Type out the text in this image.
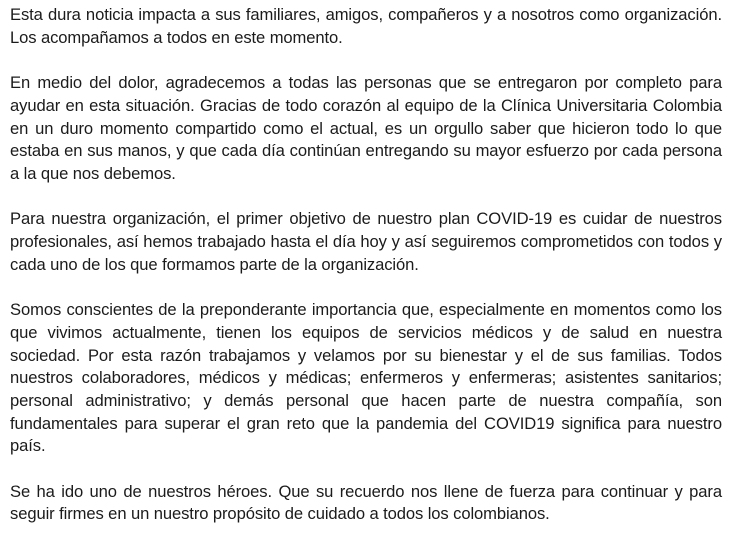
Esta dura noticia impacta a sus familiares, amigos, compañeros y a nosotros como organización. Los acompañamos a todos en este momento.

En medio del dolor, agradecemos a todas las personas que se entregaron por completo para ayudar en esta situación. Gracias de todo corazón al equipo de la Clínica Universitaria Colombia en un duro momento compartido como el actual, es un orgullo saber que hicieron todo lo que estaba en sus manos, y que cada día continúan entregando su mayor esfuerzo por cada persona a la que nos debemos.

Para nuestra organización, el primer objetivo de nuestro plan COVID-19 es cuidar de nuestros profesionales, así hemos trabajado hasta el día hoy y así seguiremos comprometidos con todos y cada uno de los que formamos parte de la organización.

Somos conscientes de la preponderante importancia que, especialmente en momentos como los que vivimos actualmente, tienen los equipos de servicios médicos y de salud en nuestra sociedad. Por esta razón trabajamos y velamos por su bienestar y el de sus familias. Todos nuestros colaboradores, médicos y médicas; enfermeros y enfermeras; asistentes sanitarios; personal administrativo; y demás personal que hacen parte de nuestra compañía, son fundamentales para superar el gran reto que la pandemia del COVID19 significa para nuestro país.

Se ha ido uno de nuestros héroes. Que su recuerdo nos llene de fuerza para continuar y para seguir firmes en un nuestro propósito de cuidado a todos los colombianos.
